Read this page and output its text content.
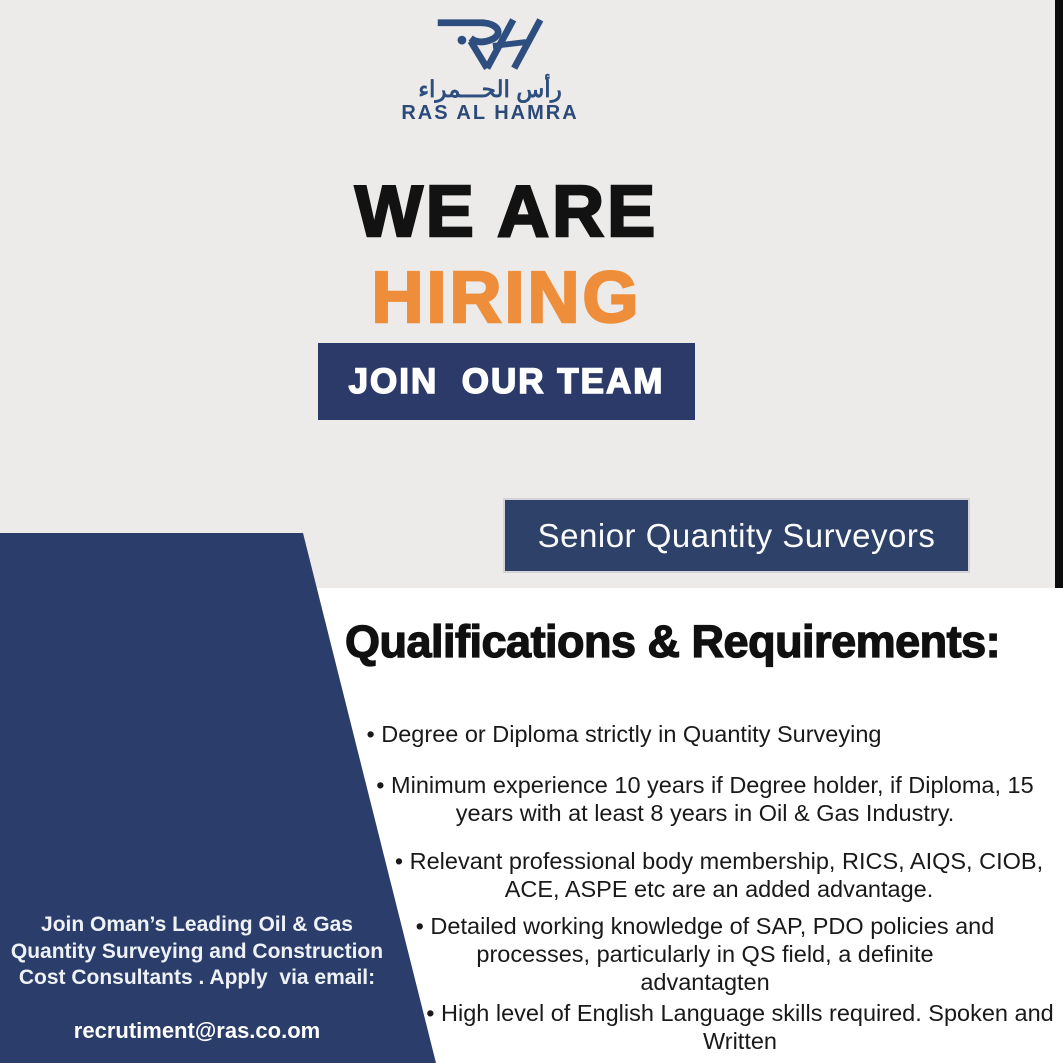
رأس الحـــمراء
RAS AL HAMRA
WE ARE
HIRING
JOIN  OUR TEAM
Senior Quantity Surveyors
Qualifications & Requirements:
• Degree or Diploma strictly in Quantity Surveying
• Minimum experience 10 years if Degree holder, if Diploma, 15
years with at least 8 years in Oil & Gas Industry.
• Relevant professional body membership, RICS, AIQS, CIOB,
ACE, ASPE etc are an added advantage.
• Detailed working knowledge of SAP, PDO policies and
processes, particularly in QS field, a definite
advantagten
• High level of English Language skills required. Spoken and
Written
Join Oman’s Leading Oil & Gas
Quantity Surveying and Construction
Cost Consultants . Apply  via email:
recrutiment@ras.co.om
